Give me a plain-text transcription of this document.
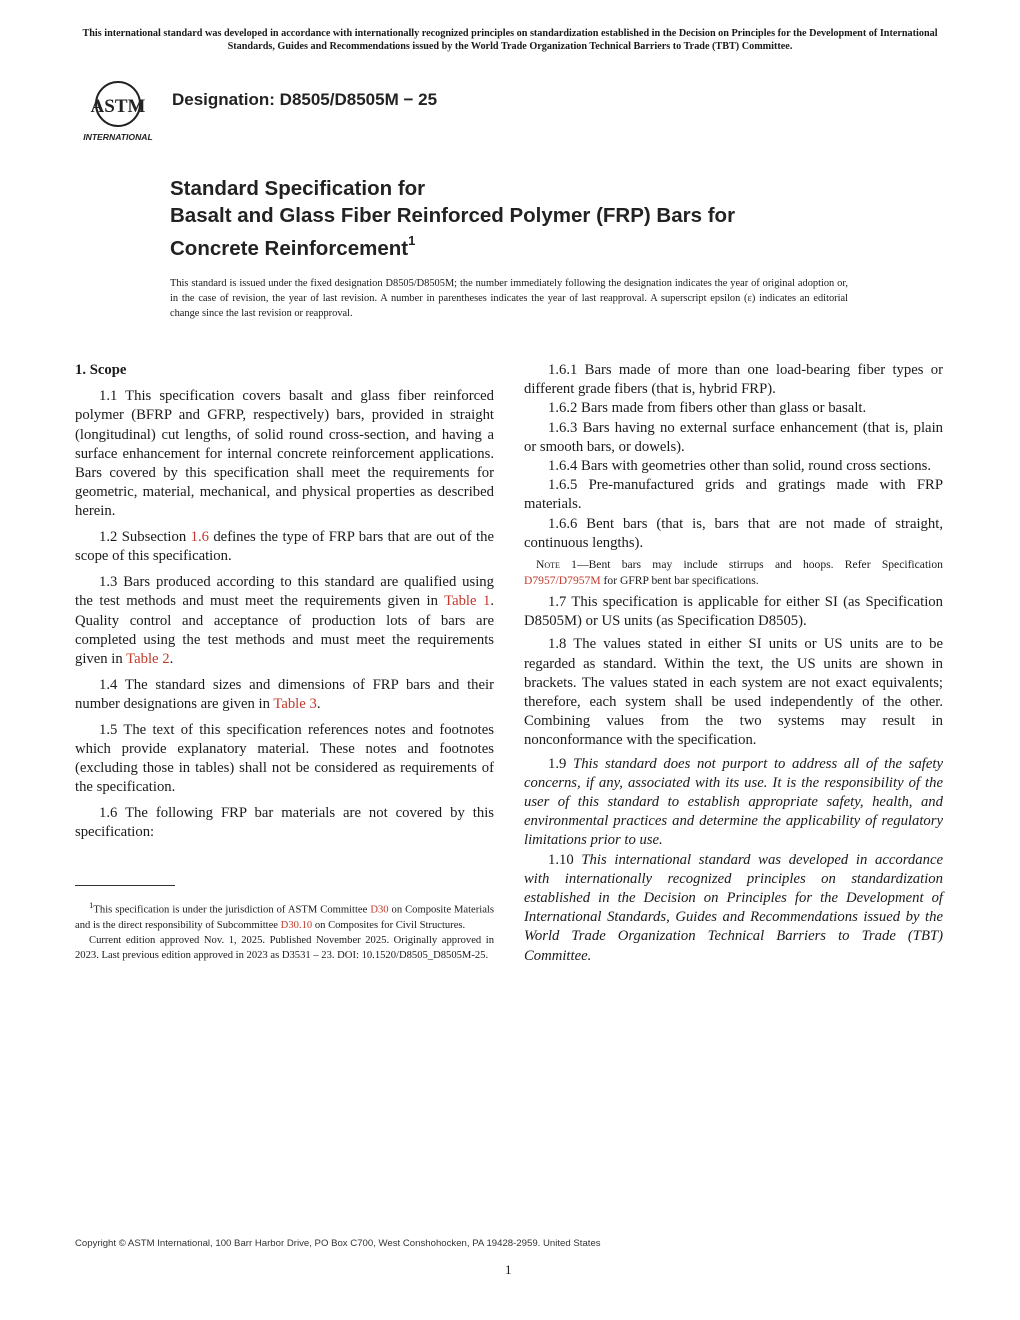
This international standard was developed in accordance with internationally recognized principles on standardization established in the Decision on Principles for the Development of International Standards, Guides and Recommendations issued by the World Trade Organization Technical Barriers to Trade (TBT) Committee.
ASTM
INTERNATIONAL
Designation: D8505/D8505M − 25
Standard Specification for
Basalt and Glass Fiber Reinforced Polymer (FRP) Bars for
Concrete Reinforcement$^1$
This standard is issued under the fixed designation D8505/D8505M; the number immediately following the designation indicates the year of original adoption or, in the case of revision, the year of last revision. A number in parentheses indicates the year of last reapproval. A superscript epsilon (ε) indicates an editorial change since the last revision or reapproval.
1. Scope

1.1 This specification covers basalt and glass fiber reinforced polymer (BFRP and GFRP, respectively) bars, provided in straight (longitudinal) cut lengths, of solid round cross-section, and having a surface enhancement for internal concrete reinforcement applications. Bars covered by this specification shall meet the requirements for geometric, material, mechanical, and physical properties as described herein.

1.2 Subsection 1.6 defines the type of FRP bars that are out of the scope of this specification.

1.3 Bars produced according to this standard are qualified using the test methods and must meet the requirements given in Table 1. Quality control and acceptance of production lots of bars are completed using the test methods and must meet the requirements given in Table 2.

1.4 The standard sizes and dimensions of FRP bars and their number designations are given in Table 3.

1.5 The text of this specification references notes and footnotes which provide explanatory material. These notes and footnotes (excluding those in tables) shall not be considered as requirements of the specification.

1.6 The following FRP bar materials are not covered by this specification:

1.6.1 Bars made of more than one load-bearing fiber types or different grade fibers (that is, hybrid FRP).

1.6.2 Bars made from fibers other than glass or basalt.

1.6.3 Bars having no external surface enhancement (that is, plain or smooth bars, or dowels).

1.6.4 Bars with geometries other than solid, round cross sections.

1.6.5 Pre-manufactured grids and gratings made with FRP materials.

1.6.6 Bent bars (that is, bars that are not made of straight, continuous lengths).

Note 1—Bent bars may include stirrups and hoops. Refer Specification D7957/D7957M for GFRP bent bar specifications.

1.7 This specification is applicable for either SI (as Specification D8505M) or US units (as Specification D8505).

1.8 The values stated in either SI units or US units are to be regarded as standard. Within the text, the US units are shown in brackets. The values stated in each system are not exact equivalents; therefore, each system shall be used independently of the other. Combining values from the two systems may result in nonconformance with the specification.

1.9 This standard does not purport to address all of the safety concerns, if any, associated with its use. It is the responsibility of the user of this standard to establish appropriate safety, health, and environmental practices and determine the applicability of regulatory limitations prior to use.

1.10 This international standard was developed in accordance with internationally recognized principles on standardization established in the Decision on Principles for the Development of International Standards, Guides and Recommendations issued by the World Trade Organization Technical Barriers to Trade (TBT) Committee.

$^1$This specification is under the jurisdiction of ASTM Committee D30 on Composite Materials and is the direct responsibility of Subcommittee D30.10 on Composites for Civil Structures.

Current edition approved Nov. 1, 2025. Published November 2025. Originally approved in 2023. Last previous edition approved in 2023 as D3531 – 23. DOI: 10.1520/D8505_D8505M-25.

Copyright © ASTM International, 100 Barr Harbor Drive, PO Box C700, West Conshohocken, PA 19428-2959. United States
1
